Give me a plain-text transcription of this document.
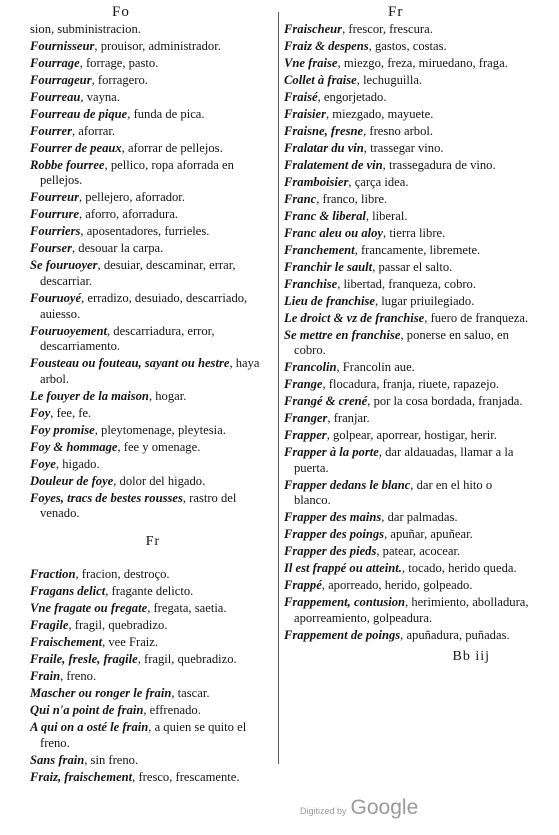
Fo	Fr
sion, subministracion.
Fournisseur, prouisor, administrador.
Fourrage, forrage, pasto.
Fourrageur, forragero.
Fourreau, vayna.
Fourreau de pique, funda de pica.
Fourrer, aforrar.
Fourrer de peaux, aforrar de pellejos.
Robbe fourree, pellico, ropa aforrada en pellejos.
Fourreur, pellejero, aforrador.
Fourrure, aforro, aforradura.
Fourriers, aposentadores, furrieles.
Fourser, desouar la carpa.
Se fouruoyer, desuiar, descaminar, errar, descarriar.
Fouruoyé, erradizo, desuiado, descarriado, auiesso.
Fouruoyement, descarriadura, error, descarriamento.
Fousteau ou fouteau, sayant ou hestre, haya arbol.
Le fouyer de la maison, hogar.
Foy, fee, fe.
Foy promise, pleytomenage, pleytesia.
Foy & hommage, fee y omenage.
Foye, higado.
Douleur de foye, dolor del higado.
Foyes, tracs de bestes rousses, rastro del venado.
Fr
Fraction, fracion, destroço.
Fragans delict, fragante delicto.
Vne fragate ou fregate, fregata, saetia.
Fragile, fragil, quebradizo.
Fraischement, vee Fraiz.
Fraile, fresle, fragile, fragil, quebradizo.
Frain, freno.
Mascher ou ronger le frain, tascar.
Qui n'a point de frain, effrenado.
A qui on a osté le frain, a quien se quito el freno.
Sans frain, sin freno.
Fraiz, fraischement, fresco, frescamente.
Fraischeur, frescor, frescura.
Fraiz & despens, gastos, costas.
Vne fraise, miezgo, freza, miruedano, fraga.
Collet à fraise, lechuguilla.
Fraisé, engorjetado.
Fraisier, miezgado, mayuete.
Fraisne, fresne, fresno arbol.
Fralatar du vin, trassegar vino.
Fralatement de vin, trassegadura de vino.
Framboisier, çarça idea.
Franc, franco, libre.
Franc & liberal, liberal.
Franc aleu ou aloy, tierra libre.
Franchement, francamente, libremete.
Franchir le sault, passar el salto.
Franchise, libertad, franqueza, cobro.
Lieu de franchise, lugar priuilegiado.
Le droict & vz de franchise, fuero de franqueza.
Se mettre en franchise, ponerse en saluo, en cobro.
Francolin, Francolin aue.
Frange, flocadura, franja, riuete, rapazejo.
Frangé & crené, por la cosa bordada, franjada.
Franger, franjar.
Frapper, golpear, aporrear, hostigar, herir.
Frapper à la porte, dar aldauadas, llamar a la puerta.
Frapper dedans le blanc, dar en el hito o blanco.
Frapper des mains, dar palmadas.
Frapper des poings, apuñar, apuñear.
Frapper des pieds, patear, acocear.
Il est frappé ou atteint., tocado, herido queda.
Frappé, aporreado, herido, golpeado.
Frappement, contusion, herimiento, abolladura, aporreamiento, golpeadura.
Frappement de poings, apuñadura, puñadas.
Bb iij
Digitized by Google
